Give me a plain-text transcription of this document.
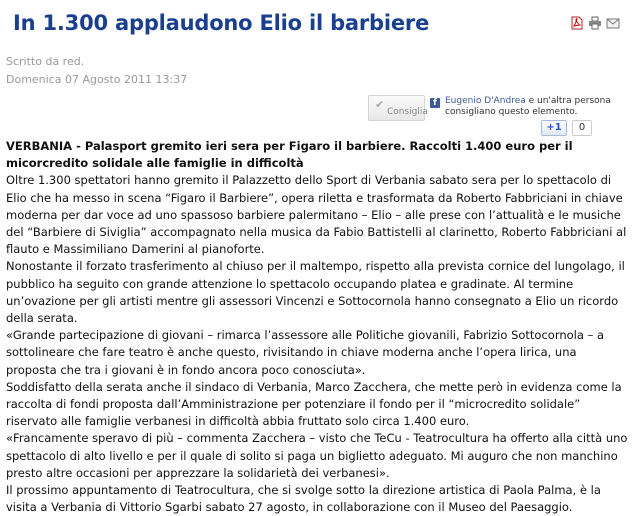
In 1.300 applaudono Elio il barbiere
Scritto da red.
Domenica 07 Agosto 2011 13:37
✔
Consiglia
f Eugenio D'Andrea e un'altra persona consigliano questo elemento.
+1	0

VERBANIA - Palasport gremito ieri sera per Figaro il barbiere. Raccolti 1.400 euro per il micorcredito solidale alle famiglie in difficoltà

Oltre 1.300 spettatori hanno gremito il Palazzetto dello Sport di Verbania sabato sera per lo spettacolo di Elio che ha messo in scena “Figaro il Barbiere”, opera riletta e trasformata da Roberto Fabbriciani in chiave moderna per dar voce ad uno spassoso barbiere palermitano – Elio – alle prese con l’attualità e le musiche del “Barbiere di Siviglia” accompagnato nella musica da Fabio Battistelli al clarinetto, Roberto Fabbriciani al flauto e Massimiliano Damerini al pianoforte.

Nonostante il forzato trasferimento al chiuso per il maltempo, rispetto alla prevista cornice del lungolago, il pubblico ha seguito con grande attenzione lo spettacolo occupando platea e gradinate. Al termine un’ovazione per gli artisti mentre gli assessori Vincenzi e Sottocornola hanno consegnato a Elio un ricordo della serata.

«Grande partecipazione di giovani – rimarca l’assessore alle Politiche giovanili, Fabrizio Sottocornola – a sottolineare che fare teatro è anche questo, rivisitando in chiave moderna anche l’opera lirica, una proposta che tra i giovani è in fondo ancora poco conosciuta».

Soddisfatto della serata anche il sindaco di Verbania, Marco Zacchera, che mette però in evidenza come la raccolta di fondi proposta dall’Amministrazione per potenziare il fondo per il “microcredito solidale” riservato alle famiglie verbanesi in difficoltà abbia fruttato solo circa 1.400 euro.

«Francamente speravo di più – commenta Zacchera – visto che TeCu - Teatrocultura ha offerto alla città uno spettacolo di alto livello e per il quale di solito si paga un biglietto adeguato. Mi auguro che non manchino presto altre occasioni per apprezzare la solidarietà dei verbanesi».

Il prossimo appuntamento di Teatrocultura, che si svolge sotto la direzione artistica di Paola Palma, è la visita a Verbania di Vittorio Sgarbi sabato 27 agosto, in collaborazione con il Museo del Paesaggio.
